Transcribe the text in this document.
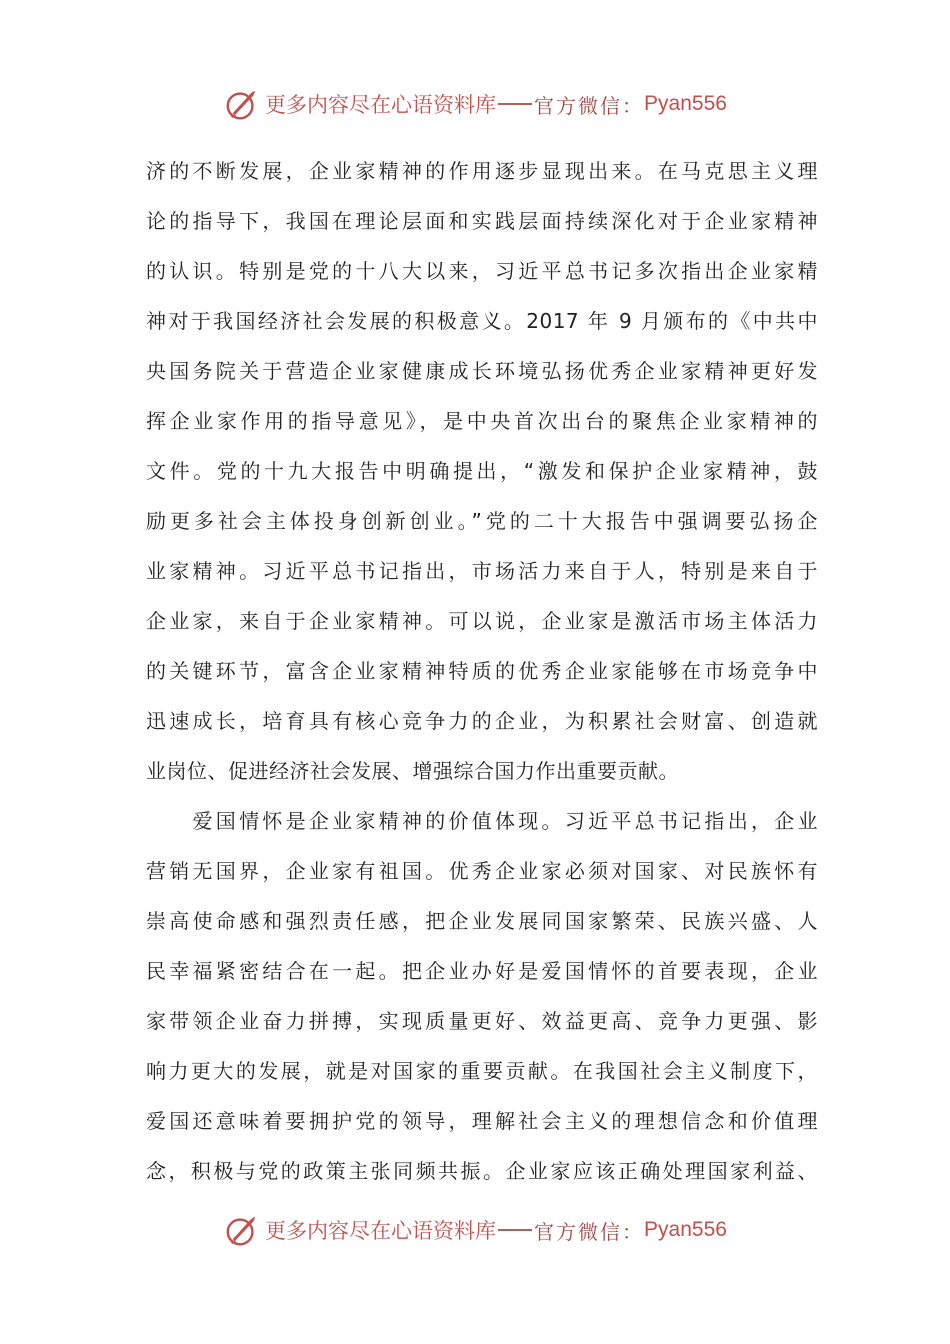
更多内容尽在心语资料库 官方微信： Pyan556
济的不断发展，企业家精神的作用逐步显现出来。在马克思主义理
论的指导下，我国在理论层面和实践层面持续深化对于企业家精神
的认识。特别是党的十八大以来，习近平总书记多次指出企业家精
神对于我国经济社会发展的积极意义。2017 年 9 月颁布的《中共中
央国务院关于营造企业家健康成长环境弘扬优秀企业家精神更好发
挥企业家作用的指导意见》，是中央首次出台的聚焦企业家精神的
文件。党的十九大报告中明确提出，“激发和保护企业家精神，鼓
励更多社会主体投身创新创业。”党的二十大报告中强调要弘扬企
业家精神。习近平总书记指出，市场活力来自于人，特别是来自于
企业家，来自于企业家精神。可以说，企业家是激活市场主体活力
的关键环节，富含企业家精神特质的优秀企业家能够在市场竞争中
迅速成长，培育具有核心竞争力的企业，为积累社会财富、创造就
业岗位、促进经济社会发展、增强综合国力作出重要贡献。
　　爱国情怀是企业家精神的价值体现。习近平总书记指出，企业
营销无国界，企业家有祖国。优秀企业家必须对国家、对民族怀有
崇高使命感和强烈责任感，把企业发展同国家繁荣、民族兴盛、人
民幸福紧密结合在一起。把企业办好是爱国情怀的首要表现，企业
家带领企业奋力拼搏，实现质量更好、效益更高、竞争力更强、影
响力更大的发展，就是对国家的重要贡献。在我国社会主义制度下，
爱国还意味着要拥护党的领导，理解社会主义的理想信念和价值理
念，积极与党的政策主张同频共振。企业家应该正确处理国家利益、
更多内容尽在心语资料库 官方微信： Pyan556
